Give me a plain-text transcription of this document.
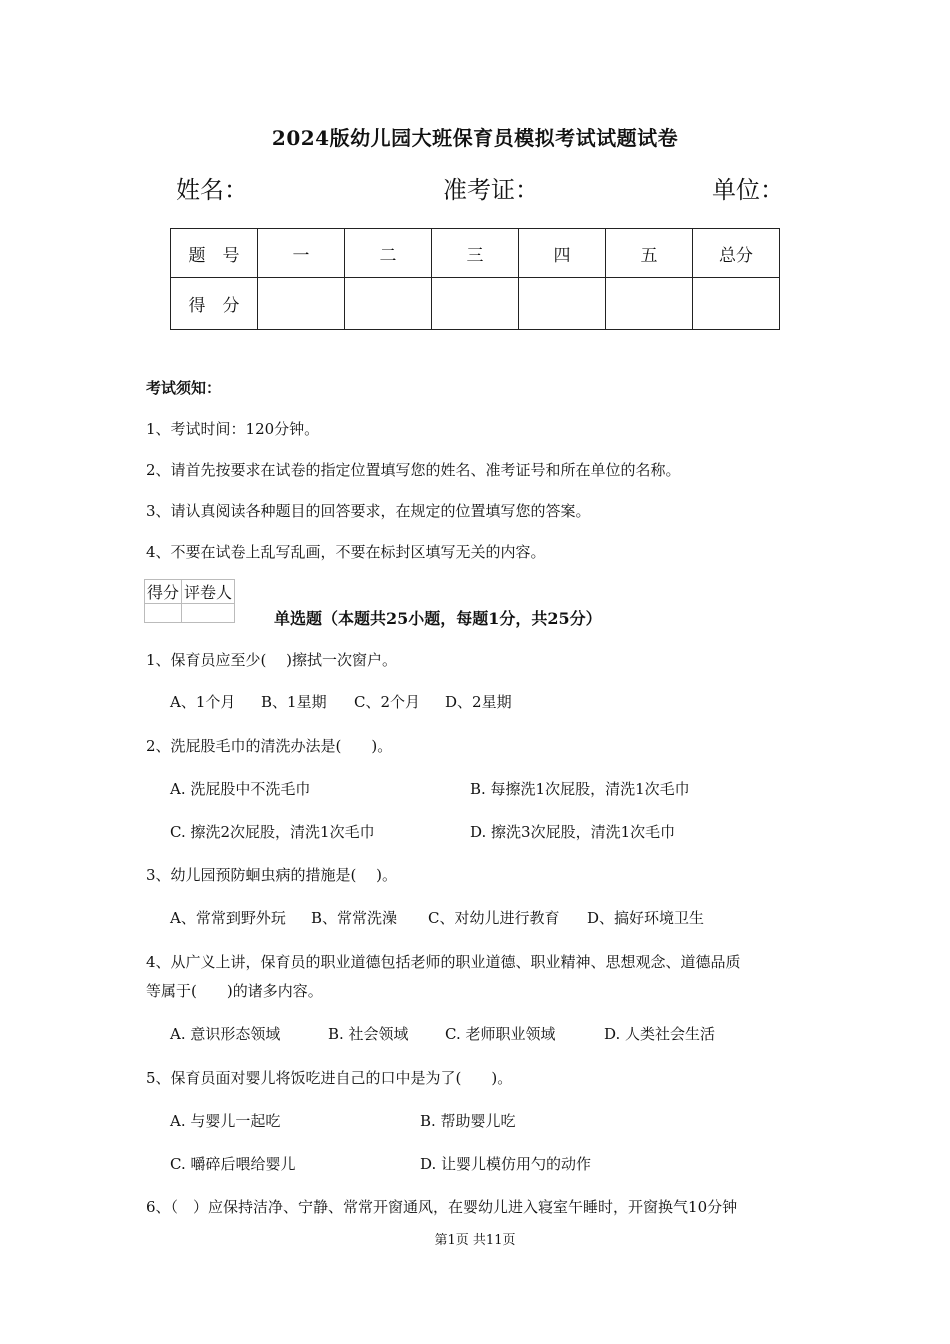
2024版幼儿园大班保育员模拟考试试题试卷
姓名：	准考证：	单位：
题　号	一	二	三	四	五	总分
得　分						
考试须知：
1、考试时间：120分钟。
2、请首先按要求在试卷的指定位置填写您的姓名、准考证号和所在单位的名称。
3、请认真阅读各种题目的回答要求，在规定的位置填写您的答案。
4、不要在试卷上乱写乱画，不要在标封区填写无关的内容。
得分	评卷人

单选题（本题共25小题，每题1分，共25分）
1、保育员应至少(　 )擦拭一次窗户。
A、1个月 B、1星期 C、2个月 D、2星期
2、洗屁股毛巾的清洗办法是(　　)。
A. 洗屁股中不洗毛巾	B. 每擦洗1次屁股，清洗1次毛巾
C. 擦洗2次屁股，清洗1次毛巾	D. 擦洗3次屁股，清洗1次毛巾
3、幼儿园预防蛔虫病的措施是(　 )。
A、常常到野外玩 B、常常洗澡 C、对幼儿进行教育 D、搞好环境卫生
4、从广义上讲，保育员的职业道德包括老师的职业道德、职业精神、思想观念、道德品质
等属于(　　)的诸多内容。
A. 意识形态领域	B. 社会领域 C. 老师职业领域	D. 人类社会生活
5、保育员面对婴儿将饭吃进自己的口中是为了(　　)。
A. 与婴儿一起吃	B. 帮助婴儿吃
C. 嚼碎后喂给婴儿	D. 让婴儿模仿用勺的动作
6、（　）应保持洁净、宁静、常常开窗通风，在婴幼儿进入寝室午睡时，开窗换气10分钟
第1页 共11页
